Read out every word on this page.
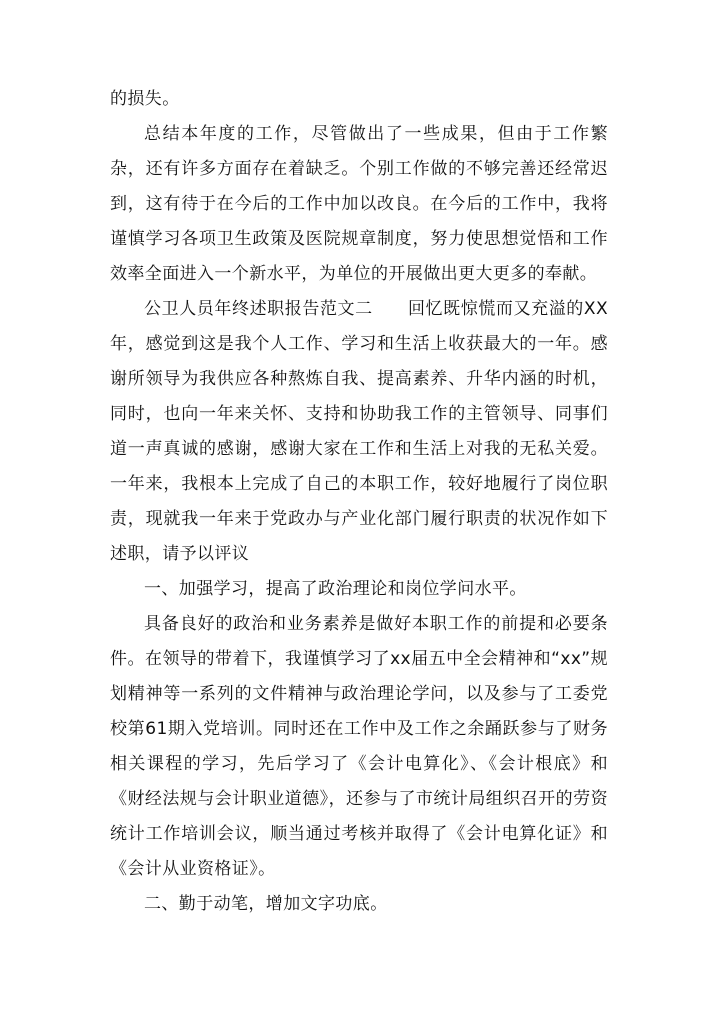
的损失。

总结本年度的工作，尽管做出了一些成果，但由于工作繁杂，还有许多方面存在着缺乏。个别工作做的不够完善还经常迟到，这有待于在今后的工作中加以改良。在今后的工作中，我将谨慎学习各项卫生政策及医院规章制度，努力使思想觉悟和工作效率全面进入一个新水平，为单位的开展做出更大更多的奉献。

公卫人员年终述职报告范文二　　回忆既惊慌而又充溢的XX年，感觉到这是我个人工作、学习和生活上收获最大的一年。感谢所领导为我供应各种熬炼自我、提高素养、升华内涵的时机，同时，也向一年来关怀、支持和协助我工作的主管领导、同事们道一声真诚的感谢，感谢大家在工作和生活上对我的无私关爱。一年来，我根本上完成了自己的本职工作，较好地履行了岗位职责，现就我一年来于党政办与产业化部门履行职责的状况作如下述职，请予以评议

一、加强学习，提高了政治理论和岗位学问水平。

具备良好的政治和业务素养是做好本职工作的前提和必要条件。在领导的带着下，我谨慎学习了xx届五中全会精神和“xx”规划精神等一系列的文件精神与政治理论学问，以及参与了工委党校第61期入党培训。同时还在工作中及工作之余踊跃参与了财务相关课程的学习，先后学习了《会计电算化》、《会计根底》和《财经法规与会计职业道德》，还参与了市统计局组织召开的劳资统计工作培训会议，顺当通过考核并取得了《会计电算化证》和《会计从业资格证》。

二、勤于动笔，增加文字功底。
